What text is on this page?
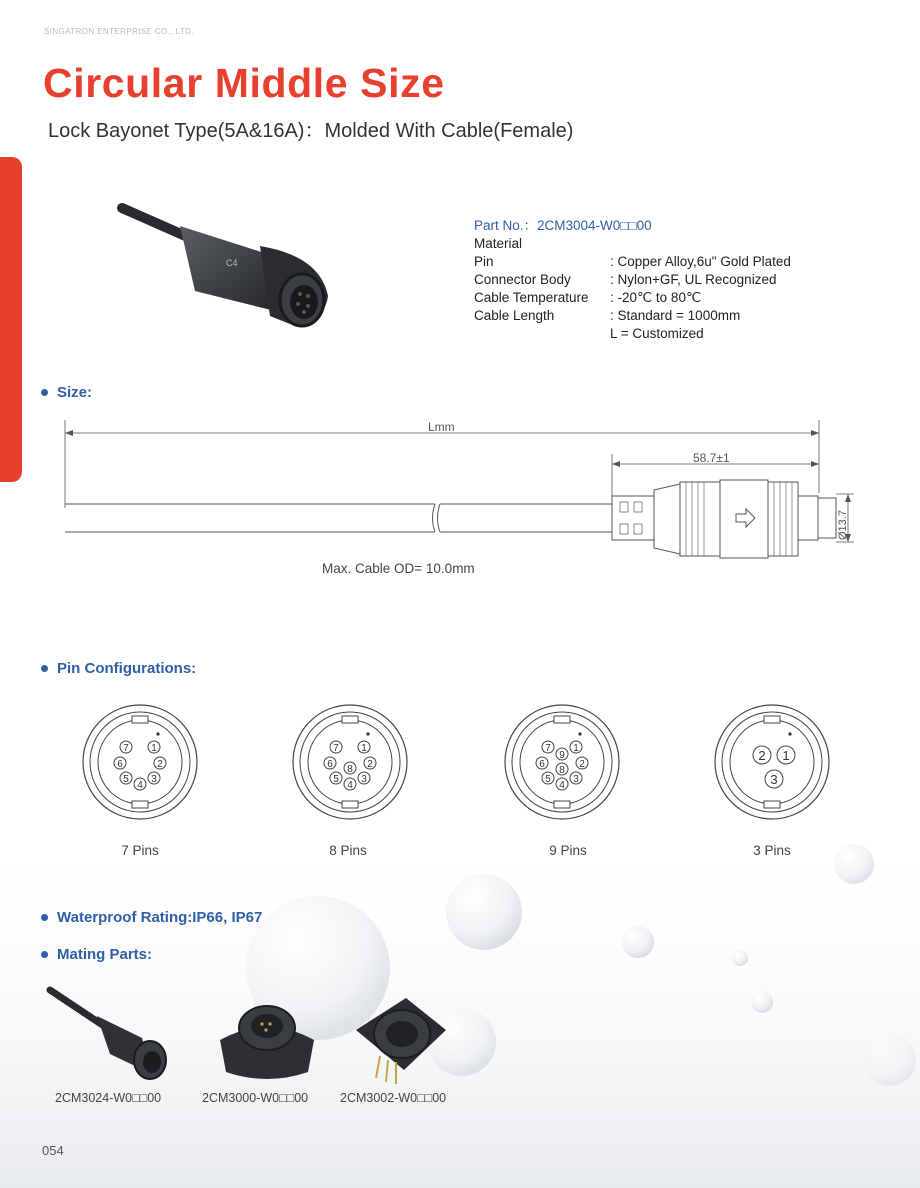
SINGATRON ENTERPRISE CO., LTD.
Circular Middle Size
Lock Bayonet Type(5A&16A)：Molded With Cable(Female)
C4
Part No.：2CM3004-W0□□00
Material
Pin	: Copper Alloy,6u" Gold Plated
Connector Body	: Nylon+GF, UL Recognized
Cable Temperature	: -20℃ to 80℃
Cable Length	: Standard = 1000mm
L = Customized
Size:
Lmm
58.7±1
Ø13.7
Max. Cable OD= 10.0mm
Pin Configurations:
1
2
3
4
5
6
7	1
2
3
4
5
6
7
8
1
2
3
4
5
6
7
8
9	1
2
3
7 Pins	8 Pins	9 Pins	3 Pins
Waterproof Rating:IP66, IP67
Mating Parts:
2CM3024-W0□□00	2CM3000-W0□□00	2CM3002-W0□□00
054
